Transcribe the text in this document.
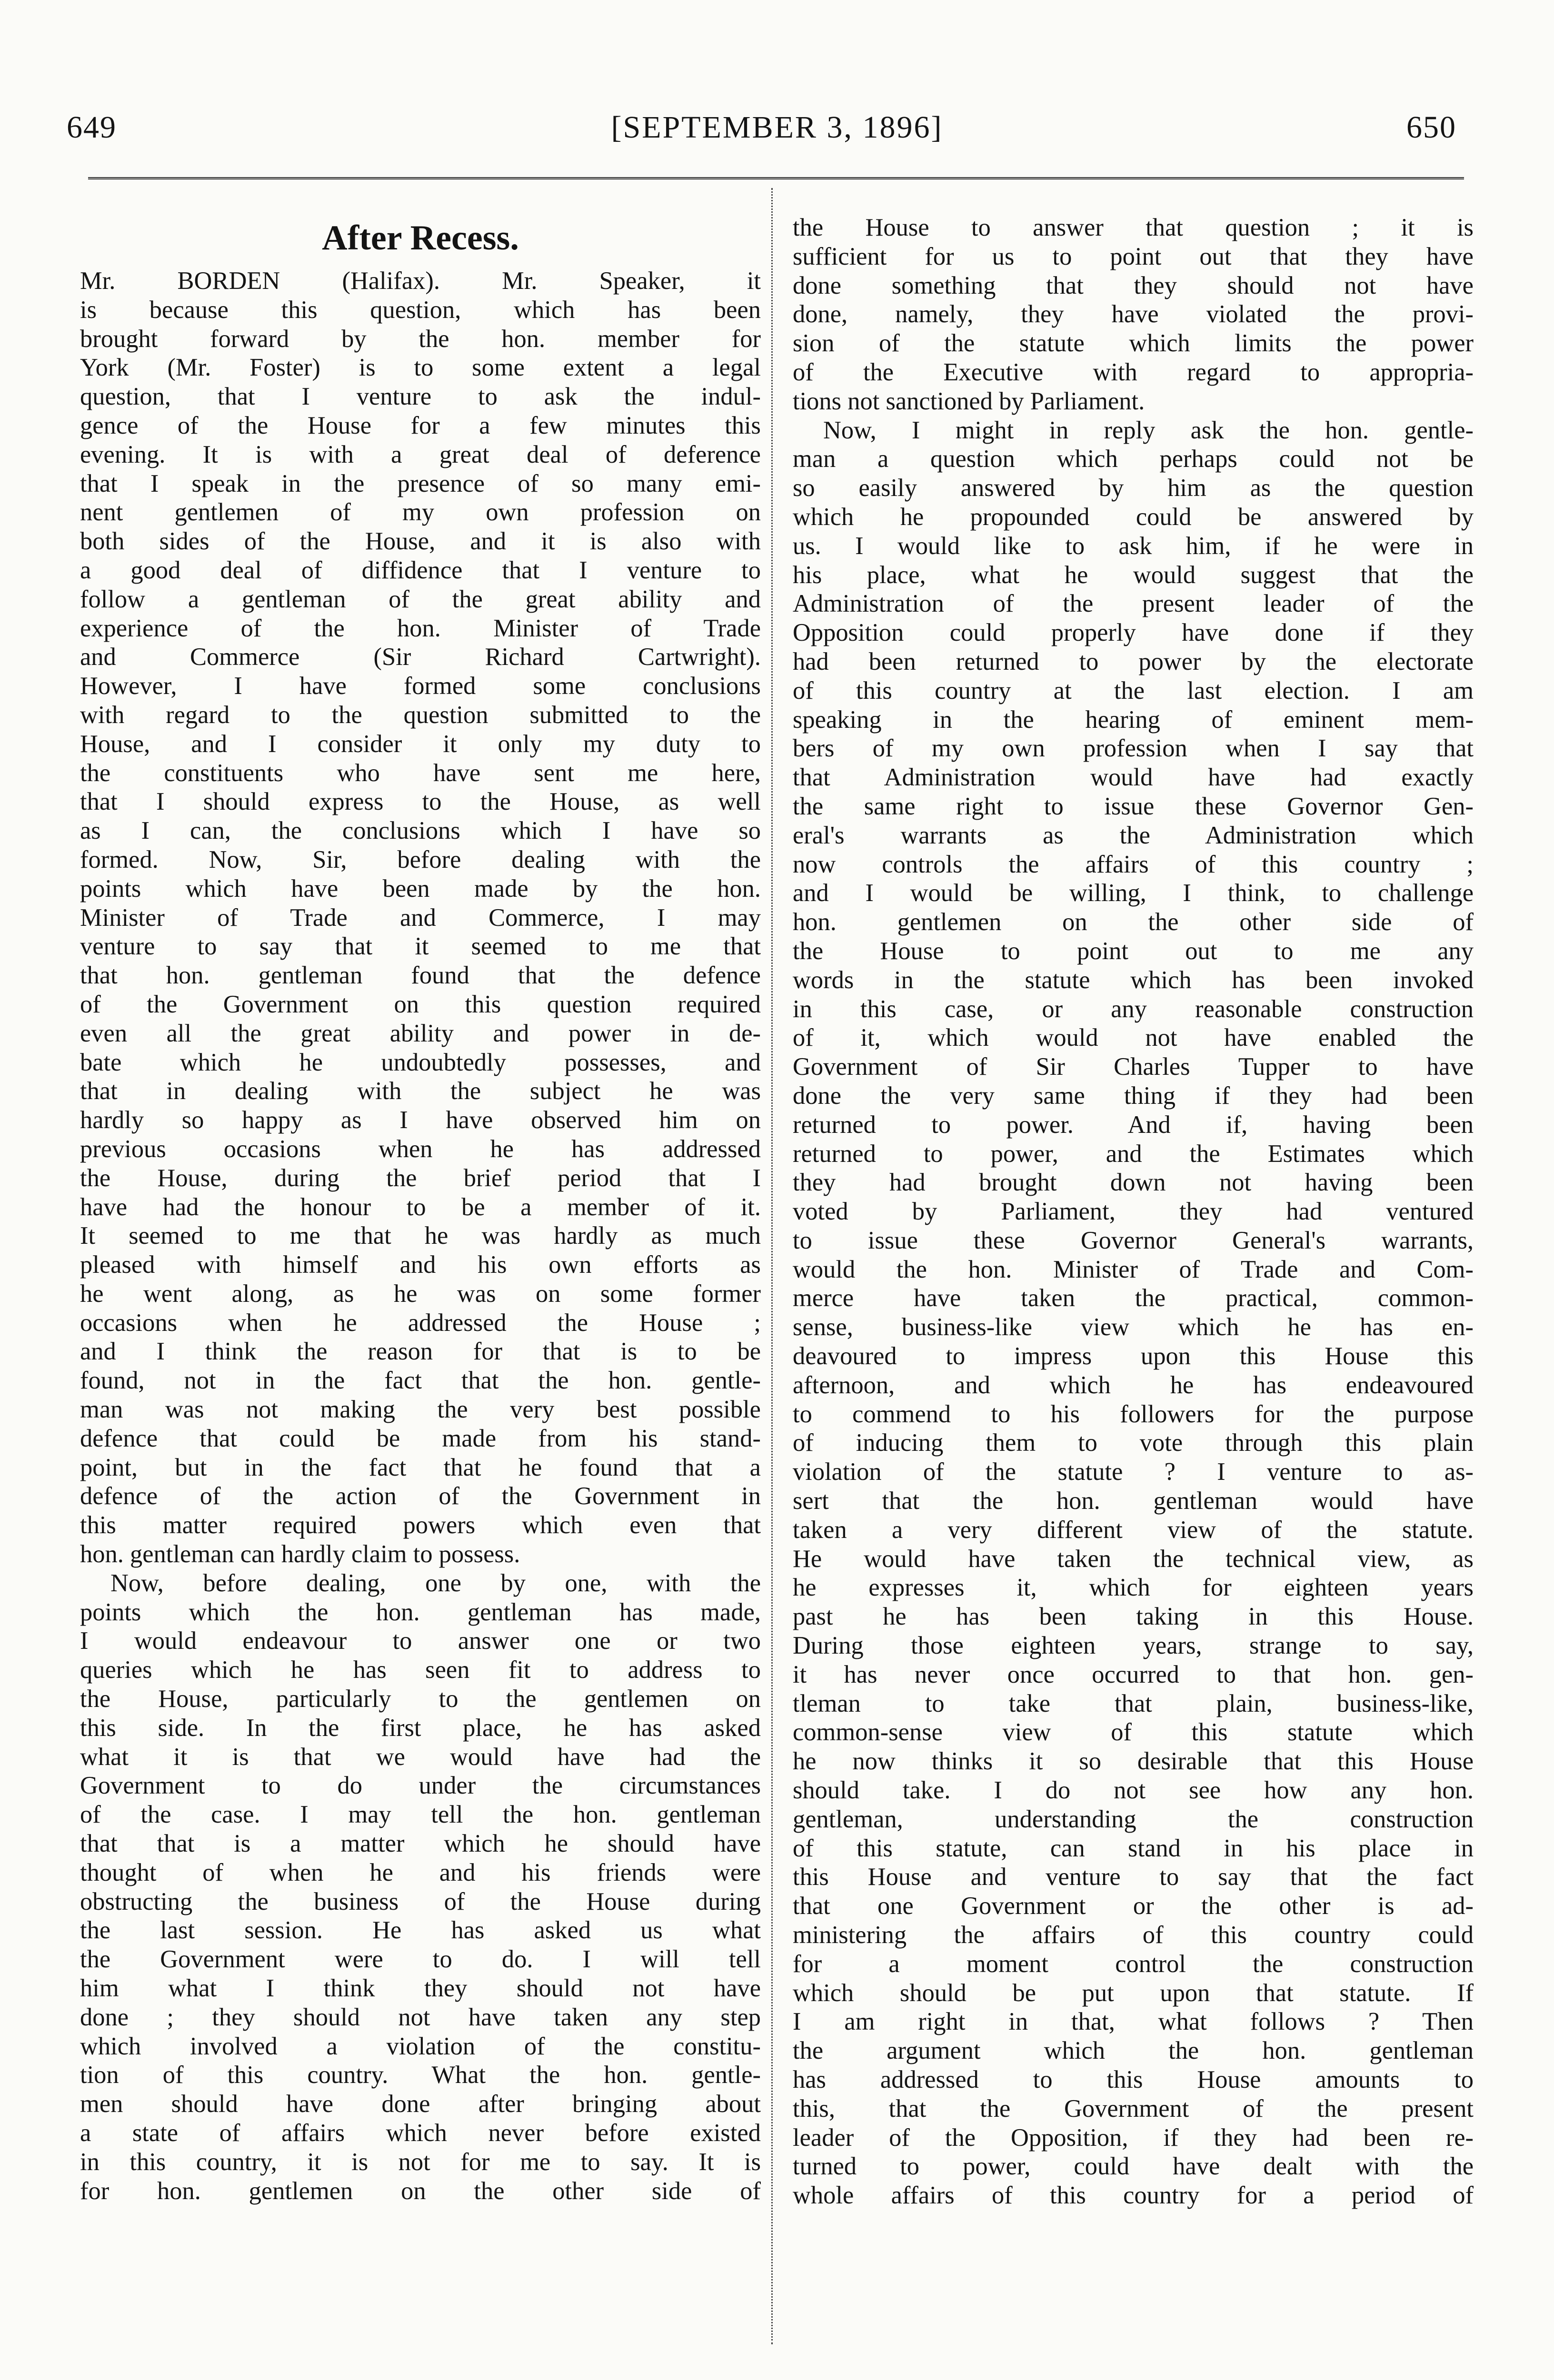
649	[SEPTEMBER 3, 1896]	650
After Recess.
Mr. BORDEN (Halifax). Mr. Speaker, it
is because this question, which has been
brought forward by the hon. member for
York (Mr. Foster) is to some extent a legal
question, that I venture to ask the indul-
gence of the House for a few minutes this
evening. It is with a great deal of deference
that I speak in the presence of so many emi-
nent gentlemen of my own profession on
both sides of the House, and it is also with
a good deal of diffidence that I venture to
follow a gentleman of the great ability and
experience of the hon. Minister of Trade
and Commerce (Sir Richard Cartwright).
However, I have formed some conclusions
with regard to the question submitted to the
House, and I consider it only my duty to
the constituents who have sent me here,
that I should express to the House, as well
as I can, the conclusions which I have so
formed. Now, Sir, before dealing with the
points which have been made by the hon.
Minister of Trade and Commerce, I may
venture to say that it seemed to me that
that hon. gentleman found that the defence
of the Government on this question required
even all the great ability and power in de-
bate which he undoubtedly possesses, and
that in dealing with the subject he was
hardly so happy as I have observed him on
previous occasions when he has addressed
the House, during the brief period that I
have had the honour to be a member of it.
It seemed to me that he was hardly as much
pleased with himself and his own efforts as
he went along, as he was on some former
occasions when he addressed the House ;
and I think the reason for that is to be
found, not in the fact that the hon. gentle-
man was not making the very best possible
defence that could be made from his stand-
point, but in the fact that he found that a
defence of the action of the Government in
this matter required powers which even that
hon. gentleman can hardly claim to possess.
Now, before dealing, one by one, with the
points which the hon. gentleman has made,
I would endeavour to answer one or two
queries which he has seen fit to address to
the House, particularly to the gentlemen on
this side. In the first place, he has asked
what it is that we would have had the
Government to do under the circumstances
of the case. I may tell the hon. gentleman
that that is a matter which he should have
thought of when he and his friends were
obstructing the business of the House during
the last session. He has asked us what
the Government were to do. I will tell
him what I think they should not have
done ; they should not have taken any step
which involved a violation of the constitu-
tion of this country. What the hon. gentle-
men should have done after bringing about
a state of affairs which never before existed
in this country, it is not for me to say. It is
for hon. gentlemen on the other side of
the House to answer that question ; it is
sufficient for us to point out that they have
done something that they should not have
done, namely, they have violated the provi-
sion of the statute which limits the power
of the Executive with regard to appropria-
tions not sanctioned by Parliament.
Now, I might in reply ask the hon. gentle-
man a question which perhaps could not be
so easily answered by him as the question
which he propounded could be answered by
us. I would like to ask him, if he were in
his place, what he would suggest that the
Administration of the present leader of the
Opposition could properly have done if they
had been returned to power by the electorate
of this country at the last election. I am
speaking in the hearing of eminent mem-
bers of my own profession when I say that
that Administration would have had exactly
the same right to issue these Governor Gen-
eral's warrants as the Administration which
now controls the affairs of this country ;
and I would be willing, I think, to challenge
hon. gentlemen on the other side of
the House to point out to me any
words in the statute which has been invoked
in this case, or any reasonable construction
of it, which would not have enabled the
Government of Sir Charles Tupper to have
done the very same thing if they had been
returned to power. And if, having been
returned to power, and the Estimates which
they had brought down not having been
voted by Parliament, they had ventured
to issue these Governor General's warrants,
would the hon. Minister of Trade and Com-
merce have taken the practical, common-
sense, business-like view which he has en-
deavoured to impress upon this House this
afternoon, and which he has endeavoured
to commend to his followers for the purpose
of inducing them to vote through this plain
violation of the statute ? I venture to as-
sert that the hon. gentleman would have
taken a very different view of the statute.
He would have taken the technical view, as
he expresses it, which for eighteen years
past he has been taking in this House.
During those eighteen years, strange to say,
it has never once occurred to that hon. gen-
tleman to take that plain, business-like,
common-sense view of this statute which
he now thinks it so desirable that this House
should take. I do not see how any hon.
gentleman, understanding the construction
of this statute, can stand in his place in
this House and venture to say that the fact
that one Government or the other is ad-
ministering the affairs of this country could
for a moment control the construction
which should be put upon that statute. If
I am right in that, what follows ? Then
the argument which the hon. gentleman
has addressed to this House amounts to
this, that the Government of the present
leader of the Opposition, if they had been re-
turned to power, could have dealt with the
whole affairs of this country for a period of
